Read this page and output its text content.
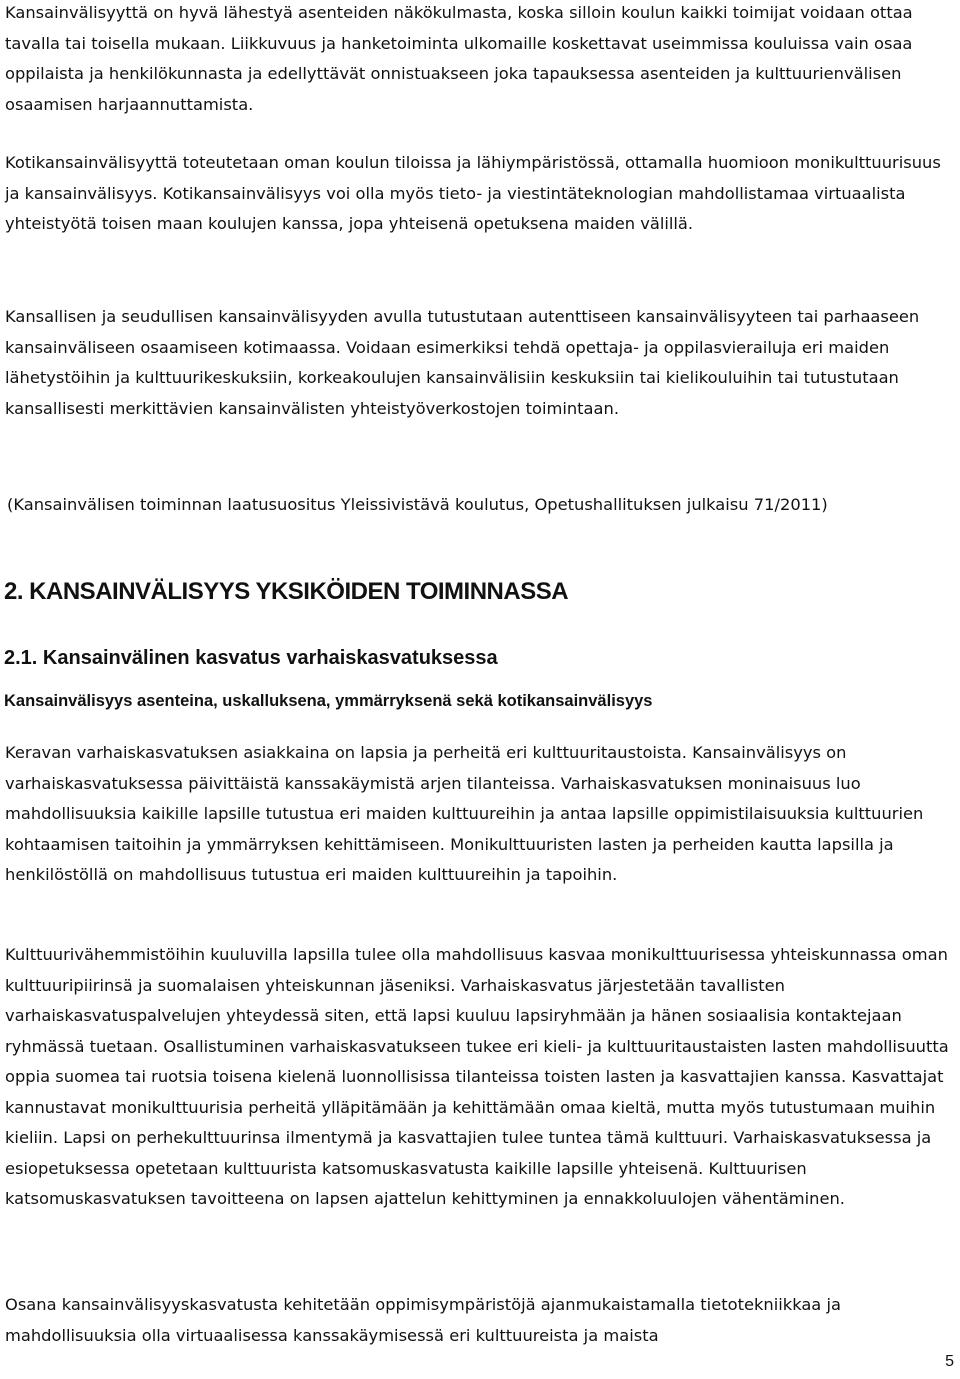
Kansainvälisyyttä on hyvä lähestyä asenteiden näkökulmasta, koska silloin koulun kaikki toimijat voidaan ottaa tavalla tai toisella mukaan. Liikkuvuus ja hanketoiminta ulkomaille koskettavat useimmissa kouluissa vain osaa oppilaista ja henkilökunnasta ja edellyttävät onnistuakseen joka tapauksessa asenteiden ja kulttuurienvälisen osaamisen harjaannuttamista.

Kotikansainvälisyyttä toteutetaan oman koulun tiloissa ja lähiympäristössä, ottamalla huomioon monikulttuurisuus ja kansainvälisyys. Kotikansainvälisyys voi olla myös tieto- ja viestintäteknologian mahdollistamaa virtuaalista yhteistyötä toisen maan koulujen kanssa, jopa yhteisenä opetuksena maiden välillä.

Kansallisen ja seudullisen kansainvälisyyden avulla tutustutaan autenttiseen kansainvälisyyteen tai parhaaseen kansainväliseen osaamiseen kotimaassa. Voidaan esimerkiksi tehdä opettaja- ja oppilasvierailuja eri maiden lähetystöihin ja kulttuurikeskuksiin, korkeakoulujen kansainvälisiin keskuksiin tai kielikouluihin tai tutustutaan kansallisesti merkittävien kansainvälisten yhteistyöverkostojen toimintaan.

(Kansainvälisen toiminnan laatusuositus Yleissivistävä koulutus, Opetushallituksen julkaisu 71/2011)

2. KANSAINVÄLISYYS YKSIKÖIDEN TOIMINNASSA
2.1. Kansainvälinen kasvatus varhaiskasvatuksessa
Kansainvälisyys asenteina, uskalluksena, ymmärryksenä sekä kotikansainvälisyys

Keravan varhaiskasvatuksen asiakkaina on lapsia ja perheitä eri kulttuuritaustoista. Kansainvälisyys on varhaiskasvatuksessa päivittäistä kanssakäymistä arjen tilanteissa. Varhaiskasvatuksen moninaisuus luo mahdollisuuksia kaikille lapsille tutustua eri maiden kulttuureihin ja antaa lapsille oppimistilaisuuksia kulttuurien kohtaamisen taitoihin ja ymmärryksen kehittämiseen. Monikulttuuristen lasten ja perheiden kautta lapsilla ja henkilöstöllä on mahdollisuus tutustua eri maiden kulttuureihin ja tapoihin.

Kulttuurivähemmistöihin kuuluvilla lapsilla tulee olla mahdollisuus kasvaa monikulttuurisessa yhteiskunnassa oman kulttuuripiirinsä ja suomalaisen yhteiskunnan jäseniksi. Varhaiskasvatus järjestetään tavallisten varhaiskasvatuspalvelujen yhteydessä siten, että lapsi kuuluu lapsiryhmään ja hänen sosiaalisia kontaktejaan ryhmässä tuetaan. Osallistuminen varhaiskasvatukseen tukee eri kieli- ja kulttuuritaustaisten lasten mahdollisuutta oppia suomea tai ruotsia toisena kielenä luonnollisissa tilanteissa toisten lasten ja kasvattajien kanssa. Kasvattajat kannustavat monikulttuurisia perheitä ylläpitämään ja kehittämään omaa kieltä, mutta myös tutustumaan muihin kieliin. Lapsi on perhekulttuurinsa ilmentymä ja kasvattajien tulee tuntea tämä kulttuuri. Varhaiskasvatuksessa ja esiopetuksessa opetetaan kulttuurista katsomuskasvatusta kaikille lapsille yhteisenä. Kulttuurisen katsomuskasvatuksen tavoitteena on lapsen ajattelun kehittyminen ja ennakkoluulojen vähentäminen.

Osana kansainvälisyyskasvatusta kehitetään oppimisympäristöjä ajanmukaistamalla tietotekniikkaa ja mahdollisuuksia olla virtuaalisessa kanssakäymisessä eri kulttuureista ja maista

5
